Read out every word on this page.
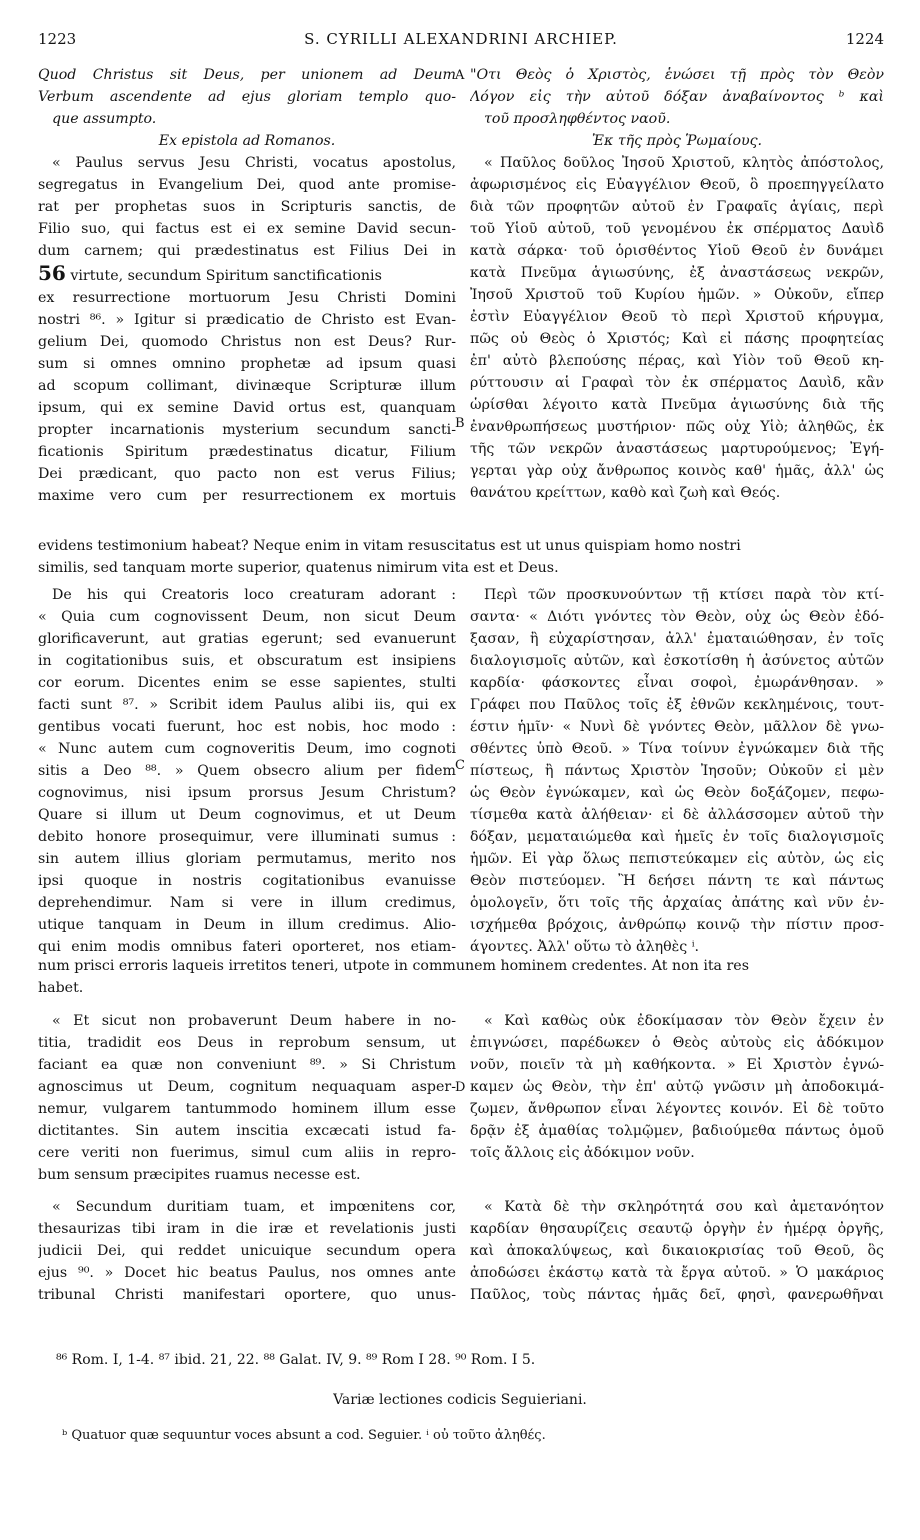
1223	S. CYRILLI ALEXANDRINI ARCHIEP.	1224
Quod Christus sit Deus, per unionem ad Deum
Verbum ascendente ad ejus gloriam templo quo-
que assumpto.
Ex epistola ad Romanos.
« Paulus servus Jesu Christi, vocatus apostolus,
segregatus in Evangelium Dei, quod ante promise-
rat per prophetas suos in Scripturis sanctis, de
Filio suo, qui factus est ei ex semine David secun-
dum carnem; qui prædestinatus est Filius Dei in
56 virtute, secundum Spiritum sanctificationis
ex resurrectione mortuorum Jesu Christi Domini
nostri ⁸⁶. » Igitur si prædicatio de Christo est Evan-
gelium Dei, quomodo Christus non est Deus? Rur-
sum si omnes omnino prophetæ ad ipsum quasi
ad scopum collimant, divinæque Scripturæ illum
ipsum, qui ex semine David ortus est, quanquam
propter incarnationis mysterium secundum sancti-
ficationis Spiritum prædestinatus dicatur, Filium
Dei prædicant, quo pacto non est verus Filius;
maxime vero cum per resurrectionem ex mortuis
"Οτι Θεὸς ὁ Χριστὸς, ἑνώσει τῇ πρὸς τὸν Θεὸν
Λόγον εἰς τὴν αὐτοῦ δόξαν ἀναβαίνοντος ᵇ καὶ
τοῦ προσληφθέντος ναοῦ.
Ἐκ τῆς πρὸς Ῥωμαίους.
« Παῦλος δοῦλος Ἰησοῦ Χριστοῦ, κλητὸς ἀπόστολος,
ἀφωρισμένος εἰς Εὐαγγέλιον Θεοῦ, ὃ προεπηγγείλατο
διὰ τῶν προφητῶν αὐτοῦ ἐν Γραφαῖς ἁγίαις, περὶ
τοῦ Υἱοῦ αὐτοῦ, τοῦ γενομένου ἐκ σπέρματος Δαυὶδ
κατὰ σάρκα· τοῦ ὁρισθέντος Υἱοῦ Θεοῦ ἐν δυνάμει
κατὰ Πνεῦμα ἁγιωσύνης, ἐξ ἀναστάσεως νεκρῶν,
Ἰησοῦ Χριστοῦ τοῦ Κυρίου ἡμῶν. » Οὐκοῦν, εἴπερ
ἐστὶν Εὐαγγέλιον Θεοῦ τὸ περὶ Χριστοῦ κήρυγμα,
πῶς οὐ Θεὸς ὁ Χριστός; Καὶ εἰ πάσης προφητείας
ἐπ' αὐτὸ βλεπούσης πέρας, καὶ Υἱὸν τοῦ Θεοῦ κη-
ρύττουσιν αἱ Γραφαὶ τὸν ἐκ σπέρματος Δαυὶδ, κἂν
ὡρίσθαι λέγοιτο κατὰ Πνεῦμα ἁγιωσύνης διὰ τῆς
ἐνανθρωπήσεως μυστήριον· πῶς οὐχ Υἱὸ; ἀληθῶς, ἐκ
τῆς τῶν νεκρῶν ἀναστάσεως μαρτυρούμενος; Ἐγή-
γερται γὰρ οὐχ ἄνθρωπος κοινὸς καθ' ἡμᾶς, ἀλλ' ὡς
θανάτου κρείττων, καθὸ καὶ ζωὴ καὶ Θεός.
A
B
evidens testimonium habeat? Neque enim in vitam resuscitatus est ut unus quispiam homo nostri
similis, sed tanquam morte superior, quatenus nimirum vita est et Deus.
De his qui Creatoris loco creaturam adorant :
« Quia cum cognovissent Deum, non sicut Deum
glorificaverunt, aut gratias egerunt; sed evanuerunt
in cogitationibus suis, et obscuratum est insipiens
cor eorum. Dicentes enim se esse sapientes, stulti
facti sunt ⁸⁷. » Scribit idem Paulus alibi iis, qui ex
gentibus vocati fuerunt, hoc est nobis, hoc modo :
« Nunc autem cum cognoveritis Deum, imo cognoti
sitis a Deo ⁸⁸. » Quem obsecro alium per fidem
cognovimus, nisi ipsum prorsus Jesum Christum?
Quare si illum ut Deum cognovimus, et ut Deum
debito honore prosequimur, vere illuminati sumus :
sin autem illius gloriam permutamus, merito nos
ipsi quoque in nostris cogitationibus evanuisse
deprehendimur. Nam si vere in illum credimus,
utique tanquam in Deum in illum credimus. Alio-
qui enim modis omnibus fateri oporteret, nos etiam-
Περὶ τῶν προσκυνούντων τῇ κτίσει παρὰ τὸν κτί-
σαντα· « Διότι γνόντες τὸν Θεὸν, οὐχ ὡς Θεὸν ἐδό-
ξασαν, ἢ εὐχαρίστησαν, ἀλλ' ἐματαιώθησαν, ἐν τοῖς
διαλογισμοῖς αὐτῶν, καὶ ἐσκοτίσθη ἡ ἀσύνετος αὐτῶν
καρδία· φάσκοντες εἶναι σοφοὶ, ἐμωράνθησαν. »
Γράφει που Παῦλος τοῖς ἐξ ἐθνῶν κεκλημένοις, τουτ-
έστιν ἡμῖν· « Νυνὶ δὲ γνόντες Θεὸν, μᾶλλον δὲ γνω-
σθέντες ὑπὸ Θεοῦ. » Τίνα τοίνυν ἐγνώκαμεν διὰ τῆς
πίστεως, ἢ πάντως Χριστὸν Ἰησοῦν; Οὐκοῦν εἰ μὲν
ὡς Θεὸν ἐγνώκαμεν, καὶ ὡς Θεὸν δοξάζομεν, πεφω-
τίσμεθα κατὰ ἀλήθειαν· εἰ δὲ ἀλλάσσομεν αὐτοῦ τὴν
δόξαν, μεματαιώμεθα καὶ ἡμεῖς ἐν τοῖς διαλογισμοῖς
ἡμῶν. Εἰ γὰρ ὅλως πεπιστεύκαμεν εἰς αὐτὸν, ὡς εἰς
Θεὸν πιστεύομεν. Ἢ δεήσει πάντη τε καὶ πάντως
ὁμολογεῖν, ὅτι τοῖς τῆς ἀρχαίας ἀπάτης καὶ νῦν ἐν-
ισχήμεθα βρόχοις, ἀνθρώπῳ κοινῷ τὴν πίστιν προσ-
άγοντες. Ἀλλ' οὕτω τὸ ἀληθὲς ⁱ.
C
num prisci erroris laqueis irretitos teneri, utpote in communem hominem credentes. At non ita res
habet.
« Et sicut non probaverunt Deum habere in no-
titia, tradidit eos Deus in reprobum sensum, ut
faciant ea quæ non conveniunt ⁸⁹. » Si Christum
agnoscimus ut Deum, cognitum nequaquam asper-
nemur, vulgarem tantummodo hominem illum esse
dictitantes. Sin autem inscitia excæcati istud fa-
cere veriti non fuerimus, simul cum aliis in repro-
bum sensum præcipites ruamus necesse est.
« Καὶ καθὼς οὐκ ἐδοκίμασαν τὸν Θεὸν ἔχειν ἐν
ἐπιγνώσει, παρέδωκεν ὁ Θεὸς αὐτοὺς εἰς ἀδόκιμον
νοῦν, ποιεῖν τὰ μὴ καθήκοντα. » Εἰ Χριστὸν ἐγνώ-
καμεν ὡς Θεὸν, τὴν ἐπ' αὐτῷ γνῶσιν μὴ ἀποδοκιμά-
ζωμεν, ἄνθρωπον εἶναι λέγοντες κοινόν. Εἰ δὲ τοῦτο
δρᾷν ἐξ ἀμαθίας τολμῷμεν, βαδιούμεθα πάντως ὁμοῦ
τοῖς ἄλλοις εἰς ἀδόκιμον νοῦν.
D
« Secundum duritiam tuam, et impœnitens cor,
thesaurizas tibi iram in die iræ et revelationis justi
judicii Dei, qui reddet unicuique secundum opera
ejus ⁹⁰. » Docet hic beatus Paulus, nos omnes ante
tribunal Christi manifestari oportere, quo unus-
« Κατὰ δὲ τὴν σκληρότητά σου καὶ ἀμετανόητον
καρδίαν θησαυρίζεις σεαυτῷ ὀργὴν ἐν ἡμέρᾳ ὀργῆς,
καὶ ἀποκαλύψεως, καὶ δικαιοκρισίας τοῦ Θεοῦ, ὃς
ἀποδώσει ἑκάστῳ κατὰ τὰ ἔργα αὐτοῦ. » Ὁ μακάριος
Παῦλος, τοὺς πάντας ἡμᾶς δεῖ, φησὶ, φανερωθῆναι
⁸⁶ Rom. I, 1-4. ⁸⁷ ibid. 21, 22. ⁸⁸ Galat. IV, 9. ⁸⁹ Rom I 28. ⁹⁰ Rom. I 5.
Variæ lectiones codicis Seguieriani.
ᵇ Quatuor quæ sequuntur voces absunt a cod. Seguier. ⁱ οὐ τοῦτο ἀληθές.
